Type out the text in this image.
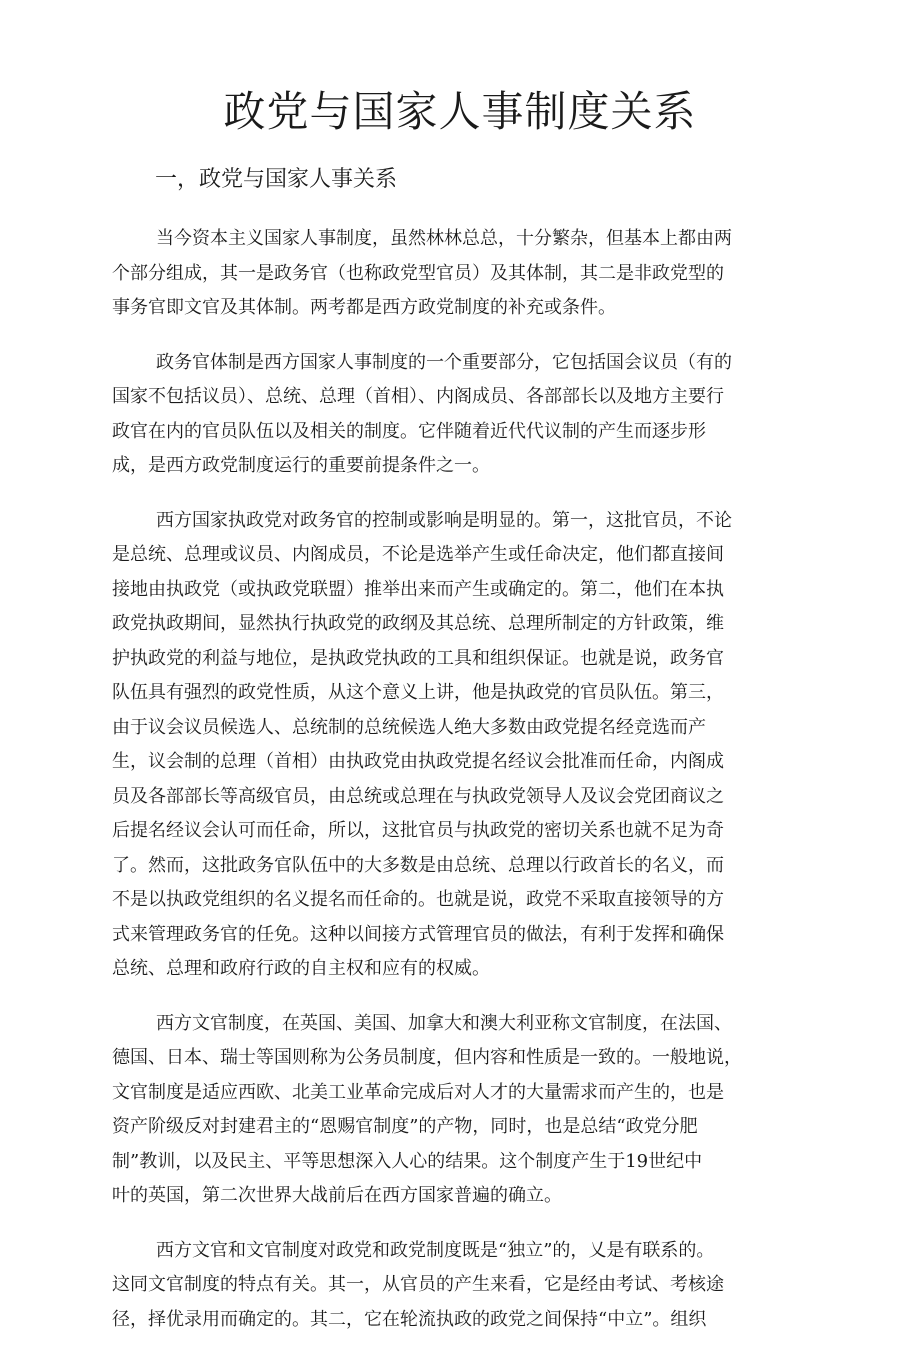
政党与国家人事制度关系
一，政党与国家人事关系
当今资本主义国家人事制度，虽然林林总总，十分繁杂，但基本上都由两
个部分组成，其一是政务官（也称政党型官员）及其体制，其二是非政党型的
事务官即文官及其体制。两考都是西方政党制度的补充或条件。
政务官体制是西方国家人事制度的一个重要部分，它包括国会议员（有的
国家不包括议员）、总统、总理（首相）、内阁成员、各部部长以及地方主要行
政官在内的官员队伍以及相关的制度。它伴随着近代代议制的产生而逐步形
成，是西方政党制度运行的重要前提条件之一。
西方国家执政党对政务官的控制或影响是明显的。第一，这批官员，不论
是总统、总理或议员、内阁成员，不论是选举产生或任命决定，他们都直接间
接地由执政党（或执政党联盟）推举出来而产生或确定的。第二，他们在本执
政党执政期间，显然执行执政党的政纲及其总统、总理所制定的方针政策，维
护执政党的利益与地位，是执政党执政的工具和组织保证。也就是说，政务官
队伍具有强烈的政党性质，从这个意义上讲，他是执政党的官员队伍。第三，
由于议会议员候选人、总统制的总统候选人绝大多数由政党提名经竞选而产
生，议会制的总理（首相）由执政党由执政党提名经议会批准而任命，内阁成
员及各部部长等高级官员，由总统或总理在与执政党领导人及议会党团商议之
后提名经议会认可而任命，所以，这批官员与执政党的密切关系也就不足为奇
了。然而，这批政务官队伍中的大多数是由总统、总理以行政首长的名义，而
不是以执政党组织的名义提名而任命的。也就是说，政党不采取直接领导的方
式来管理政务官的任免。这种以间接方式管理官员的做法，有利于发挥和确保
总统、总理和政府行政的自主权和应有的权威。
西方文官制度，在英国、美国、加拿大和澳大利亚称文官制度，在法国、
德国、日本、瑞士等国则称为公务员制度，但内容和性质是一致的。一般地说，
文官制度是适应西欧、北美工业革命完成后对人才的大量需求而产生的，也是
资产阶级反对封建君主的“恩赐官制度”的产物，同时，也是总结“政党分肥
制”教训，以及民主、平等思想深入人心的结果。这个制度产生于19世纪中
叶的英国，第二次世界大战前后在西方国家普遍的确立。
西方文官和文官制度对政党和政党制度既是“独立”的，乂是有联系的。
这同文官制度的特点有关。其一，从官员的产生来看，它是经由考试、考核途
径，择优录用而确定的。其二，它在轮流执政的政党之间保持“中立”。组织
